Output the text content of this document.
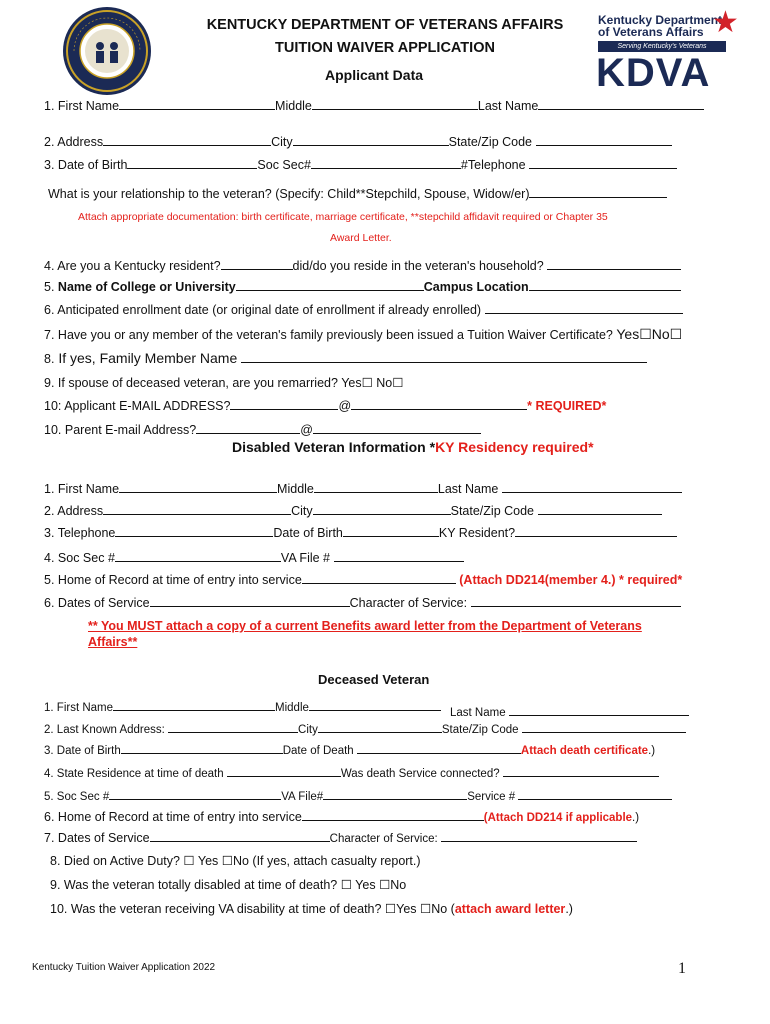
Kentucky Department
of Veterans Affairs ★
Serving Kentucky's Veterans
KDVA
KENTUCKY DEPARTMENT OF VETERANS AFFAIRS
TUITION WAIVER APPLICATION
Applicant Data
1. First Name	Middle	Last Name
2. Address	City	State/Zip Code
3. Date of Birth	Soc Sec#	#Telephone
What is your relationship to the veteran? (Specify: Child**Stepchild, Spouse, Widow/er)
Attach appropriate documentation: birth certificate, marriage certificate, **stepchild affidavit required or Chapter 35
Award Letter.
4. Are you a Kentucky resident?	did/do you reside in the veteran's household?
5. Name of College or University	Campus Location
6. Anticipated enrollment date (or original date of enrollment if already enrolled)
7. Have you or any member of the veteran's family previously been issued a Tuition Waiver Certificate? Yes☐No☐
8. If yes, Family Member Name
9. If spouse of deceased veteran, are you remarried? Yes☐ No☐
10: Applicant E-MAIL ADDRESS?	@	* REQUIRED*
10. Parent E-mail Address?	@
Disabled Veteran Information *KY Residency required*
1. First Name	Middle	Last Name
2. Address	City	State/Zip Code
3. Telephone	Date of Birth	KY Resident?
4. Soc Sec #	VA File #
5. Home of Record at time of entry into service	(Attach DD214(member 4.) * required*
6. Dates of Service	Character of Service:
** You MUST attach a copy of a current Benefits award letter from the Department of Veterans
Affairs**
Deceased Veteran
1. First Name	Middle	Last Name
2. Last Known Address:	City	State/Zip Code
3. Date of Birth	Date of Death	Attach death certificate.)
4. State Residence at time of death	Was death Service connected?
5. Soc Sec #	VA File#	Service #
6. Home of Record at time of entry into service	(Attach DD214 if applicable.)
7. Dates of Service	Character of Service:
8. Died on Active Duty? ☐ Yes ☐No (If yes, attach casualty report.)
9. Was the veteran totally disabled at time of death? ☐ Yes ☐No
10. Was the veteran receiving VA disability at time of death? ☐Yes ☐No (attach award letter.)
Kentucky Tuition Waiver Application 2022	1
